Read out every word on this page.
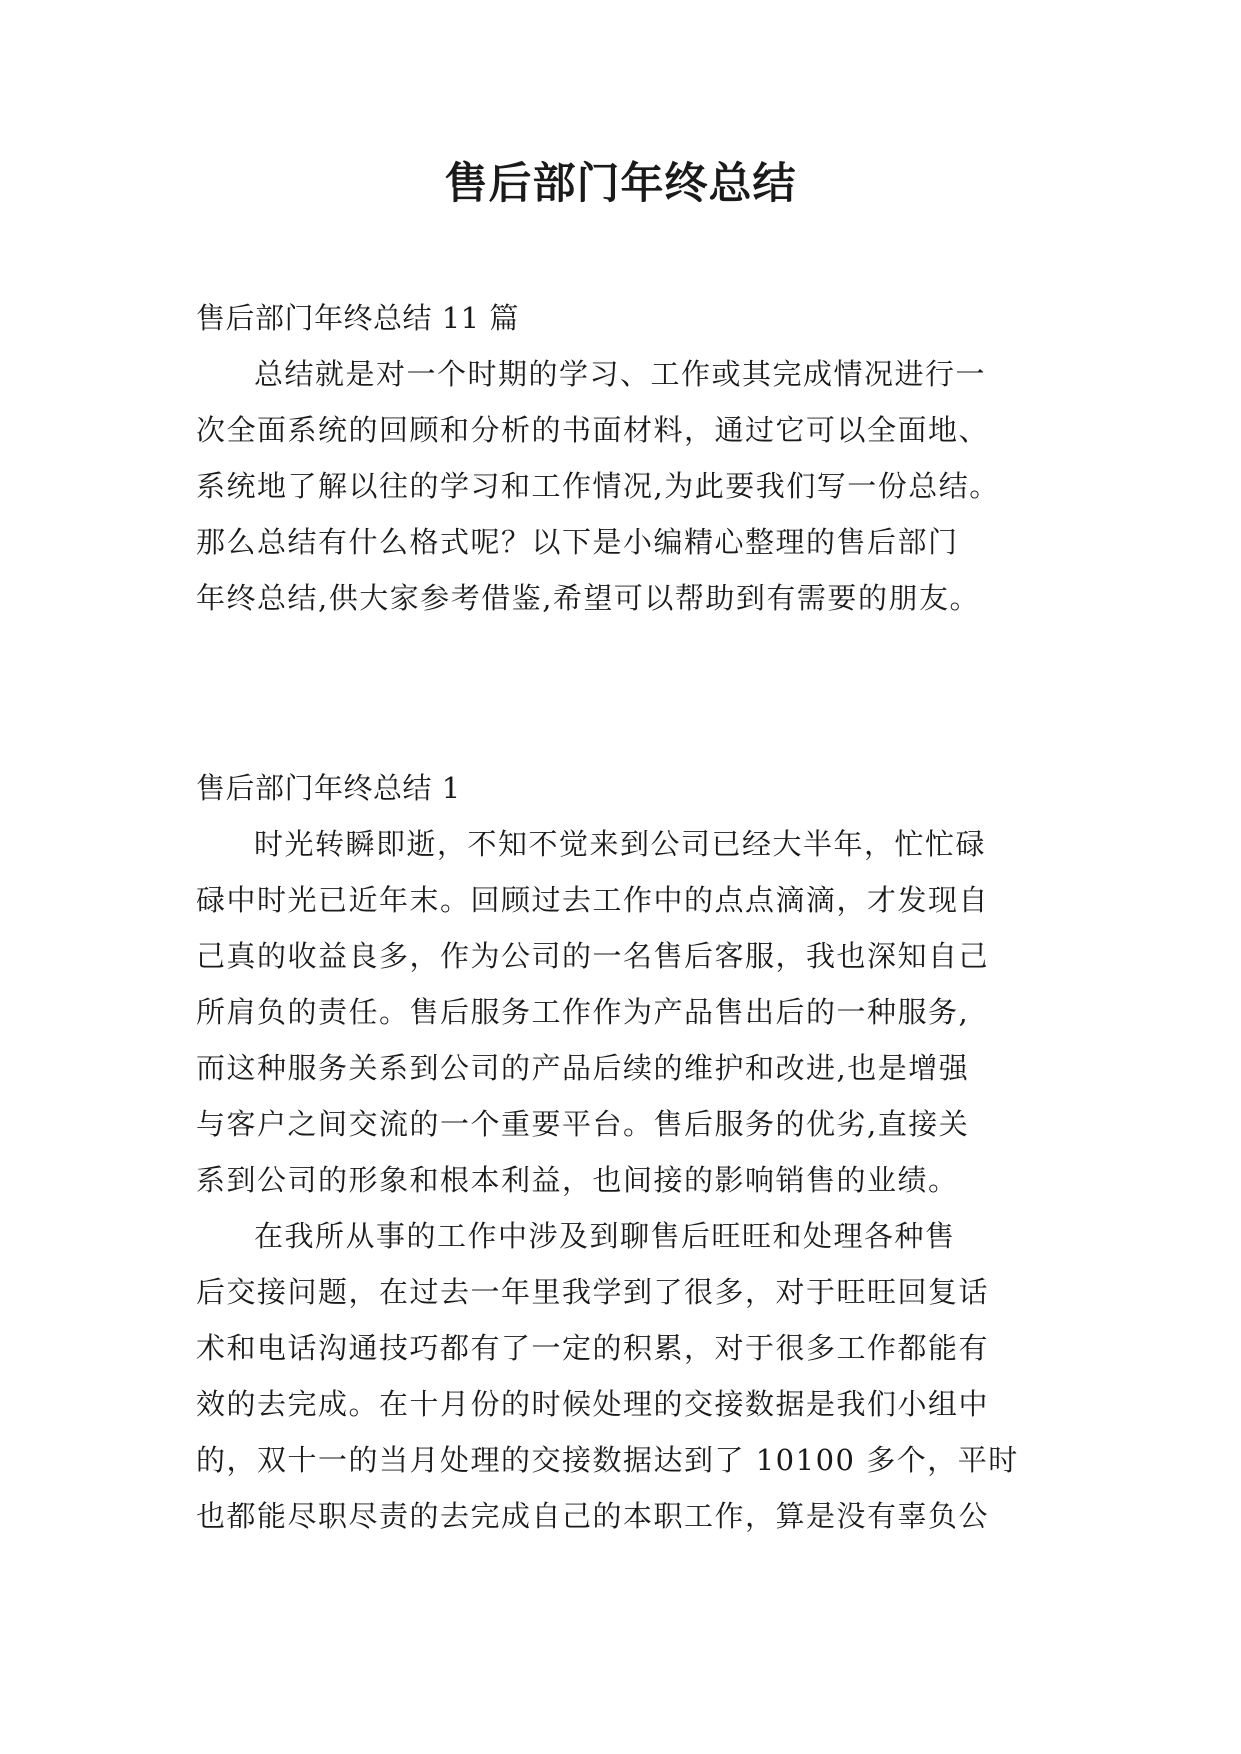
售后部门年终总结

售后部门年终总结 11 篇

总结就是对一个时期的学习、工作或其完成情况进行一

次全面系统的回顾和分析的书面材料，通过它可以全面地、

系统地了解以往的学习和工作情况,为此要我们写一份总结。

那么总结有什么格式呢？以下是小编精心整理的售后部门

年终总结,供大家参考借鉴,希望可以帮助到有需要的朋友。

售后部门年终总结 1

时光转瞬即逝，不知不觉来到公司已经大半年，忙忙碌

碌中时光已近年末。回顾过去工作中的点点滴滴，才发现自

己真的收益良多，作为公司的一名售后客服，我也深知自己

所肩负的责任。售后服务工作作为产品售出后的一种服务,

而这种服务关系到公司的产品后续的维护和改进,也是增强

与客户之间交流的一个重要平台。售后服务的优劣,直接关

系到公司的形象和根本利益，也间接的影响销售的业绩。

在我所从事的工作中涉及到聊售后旺旺和处理各种售

后交接问题，在过去一年里我学到了很多，对于旺旺回复话

术和电话沟通技巧都有了一定的积累，对于很多工作都能有

效的去完成。在十月份的时候处理的交接数据是我们小组中

的，双十一的当月处理的交接数据达到了 10100 多个，平时

也都能尽职尽责的去完成自己的本职工作，算是没有辜负公
